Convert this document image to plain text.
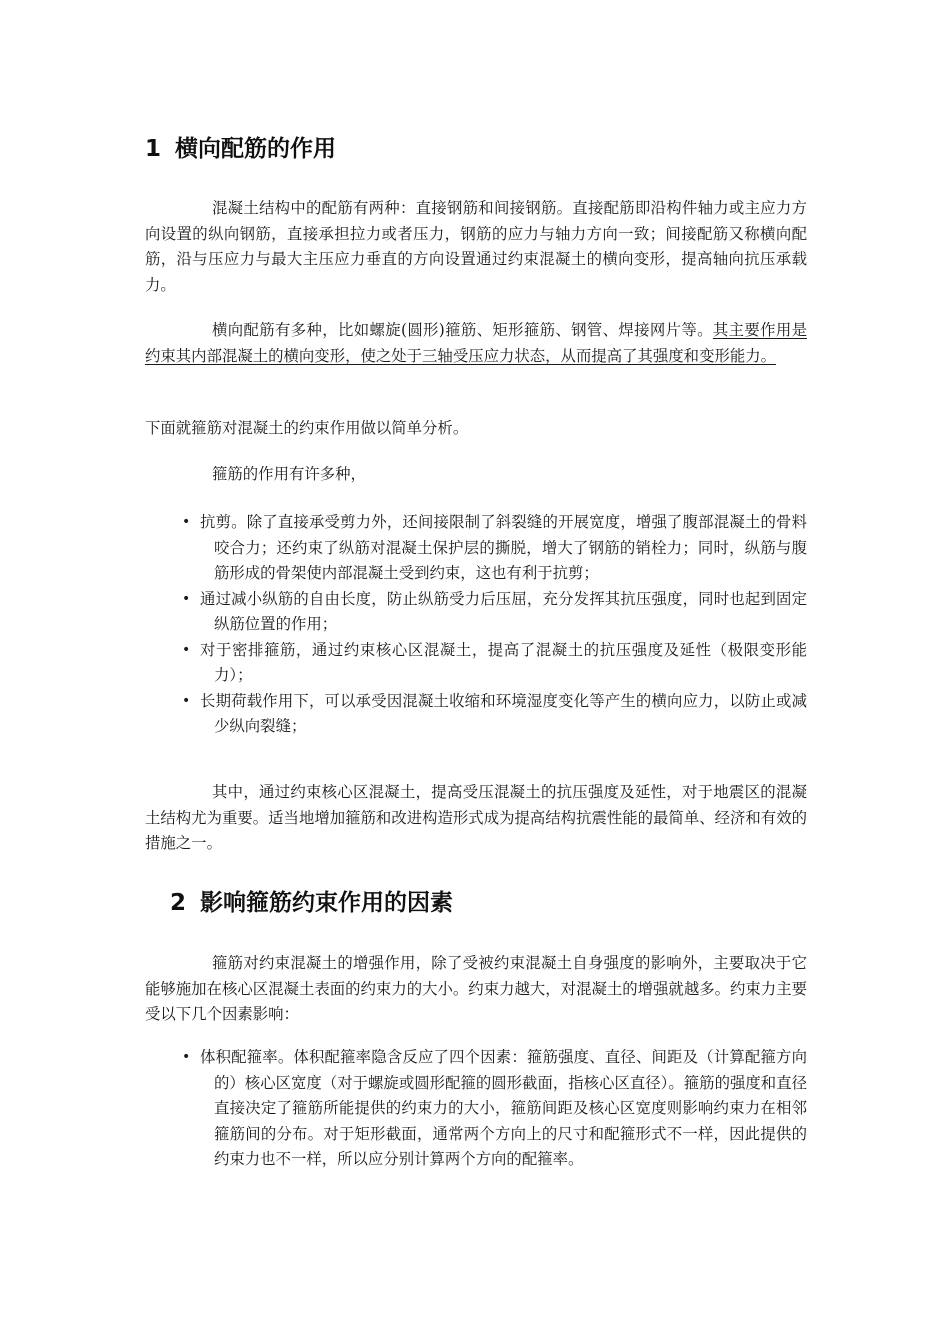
1 横向配筋的作用

混凝土结构中的配筋有两种：直接钢筋和间接钢筋。直接配筋即沿构件轴力或主应力方向设置的纵向钢筋，直接承担拉力或者压力，钢筋的应力与轴力方向一致；间接配筋又称横向配筋，沿与压应力与最大主压应力垂直的方向设置通过约束混凝土的横向变形，提高轴向抗压承载力。

横向配筋有多种，比如螺旋(圆形)箍筋、矩形箍筋、钢管、焊接网片等。其主要作用是约束其内部混凝土的横向变形，使之处于三轴受压应力状态，从而提高了其强度和变形能力。

下面就箍筋对混凝土的约束作用做以简单分析。

箍筋的作用有许多种，

• 抗剪。除了直接承受剪力外，还间接限制了斜裂缝的开展宽度，增强了腹部混凝土的骨料咬合力；还约束了纵筋对混凝土保护层的撕脱，增大了钢筋的销栓力；同时，纵筋与腹筋形成的骨架使内部混凝土受到约束，这也有利于抗剪；
• 通过减小纵筋的自由长度，防止纵筋受力后压屈，充分发挥其抗压强度，同时也起到固定纵筋位置的作用；
• 对于密排箍筋，通过约束核心区混凝土，提高了混凝土的抗压强度及延性（极限变形能力）；
• 长期荷载作用下，可以承受因混凝土收缩和环境湿度变化等产生的横向应力，以防止或减少纵向裂缝；

其中，通过约束核心区混凝土，提高受压混凝土的抗压强度及延性，对于地震区的混凝土结构尤为重要。适当地增加箍筋和改进构造形式成为提高结构抗震性能的最简单、经济和有效的措施之一。

2 影响箍筋约束作用的因素

箍筋对约束混凝土的增强作用，除了受被约束混凝土自身强度的影响外，主要取决于它能够施加在核心区混凝土表面的约束力的大小。约束力越大，对混凝土的增强就越多。约束力主要受以下几个因素影响：

• 体积配箍率。体积配箍率隐含反应了四个因素：箍筋强度、直径、间距及（计算配箍方向的）核心区宽度（对于螺旋或圆形配箍的圆形截面，指核心区直径）。箍筋的强度和直径直接决定了箍筋所能提供的约束力的大小，箍筋间距及核心区宽度则影响约束力在相邻箍筋间的分布。对于矩形截面，通常两个方向上的尺寸和配箍形式不一样，因此提供的约束力也不一样，所以应分别计算两个方向的配箍率。
